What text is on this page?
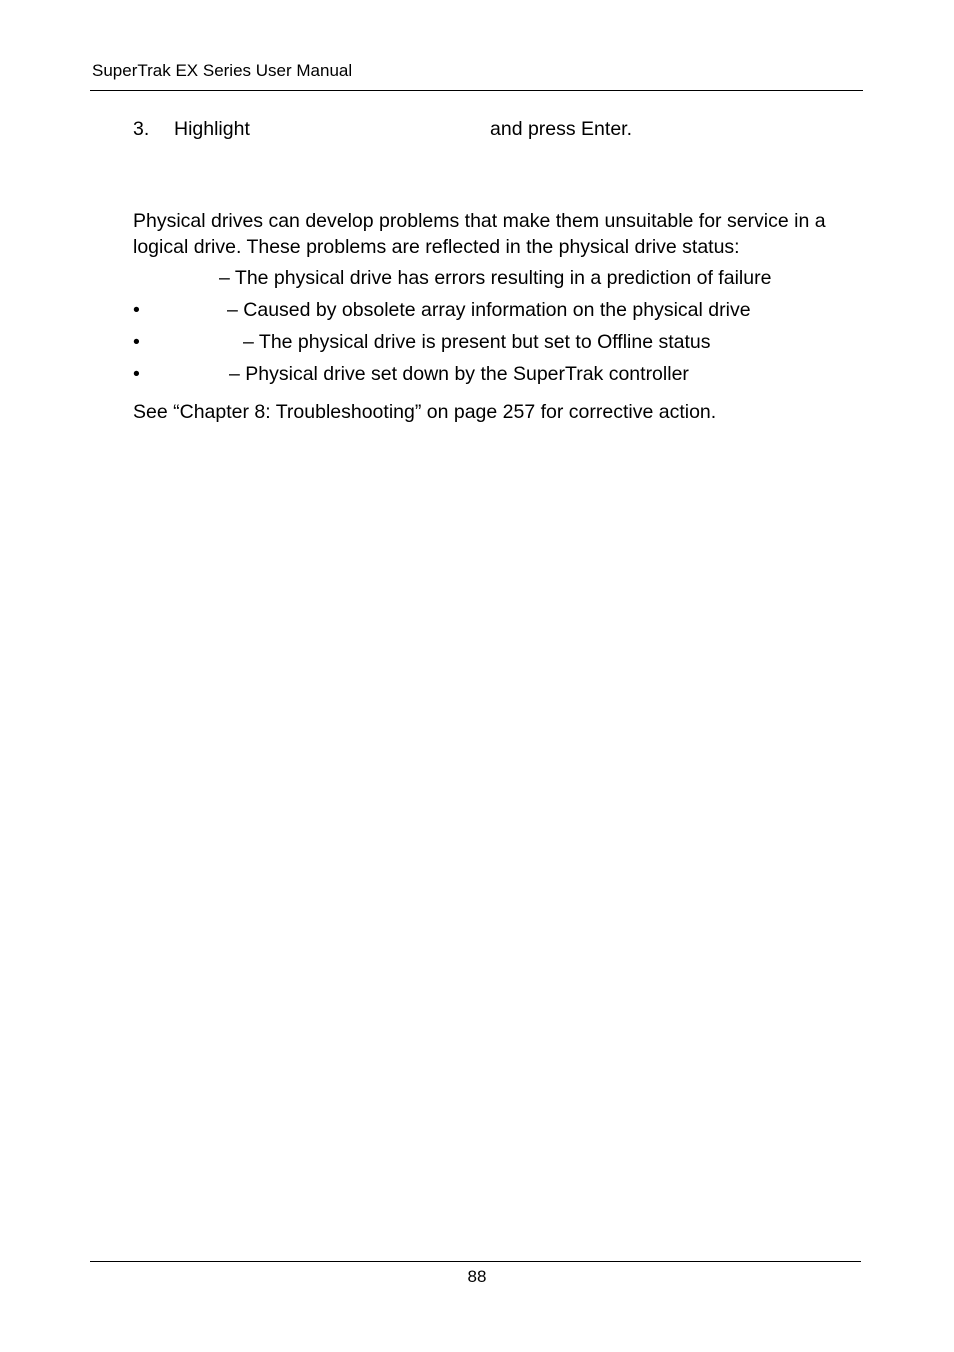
SuperTrak EX Series User Manual
3. Highlight	and press Enter.
Physical drives can develop problems that make them unsuitable for service in a
logical drive. These problems are reflected in the physical drive status:
– The physical drive has errors resulting in a prediction of failure
•	– Caused by obsolete array information on the physical drive
•	– The physical drive is present but set to Offline status
•	– Physical drive set down by the SuperTrak controller
See “Chapter 8: Troubleshooting” on page 257 for corrective action.
88
